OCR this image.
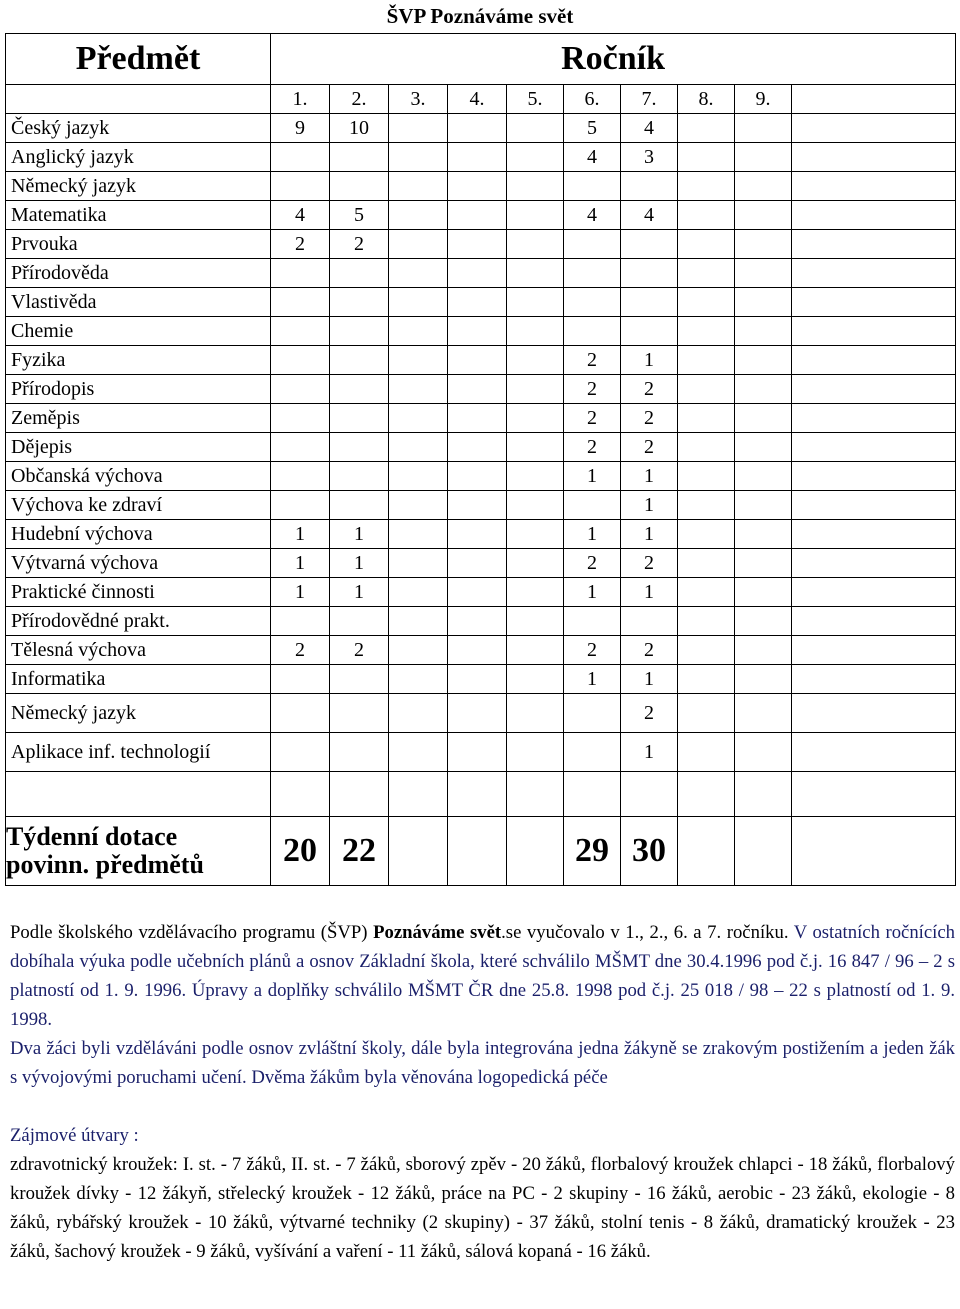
ŠVP Poznáváme svět
Předmět	Ročník									
	1.	2.	3.	4.	5.	6.	7.	8.	9.	
Český jazyk	9	10				5	4			
Anglický jazyk						4	3			
Německý jazyk										
Matematika	4	5				4	4			
Prvouka	2	2								
Přírodověda										
Vlastivěda										
Chemie										
Fyzika						2	1			
Přírodopis						2	2			
Zeměpis						2	2			
Dějepis						2	2			
Občanská výchova						1	1			
Výchova ke zdraví							1			
Hudební výchova	1	1				1	1			
Výtvarná výchova	1	1				2	2			
Praktické činnosti	1	1				1	1			
Přírodovědné prakt.										
Tělesná výchova	2	2				2	2			
Informatika						1	1			
Německý jazyk							2			
Aplikace inf. technologií							1			

Týdenní dotace
povinn. předmětů	20	22				29	30			

Podle školského vzdělávacího programu (ŠVP) Poznáváme svět.se vyučovalo v 1., 2., 6. a 7. ročníku. V ostatních ročnících dobíhala výuka podle učebních plánů a osnov Základní škola, které schválilo MŠMT dne 30.4.1996 pod č.j. 16 847 / 96 – 2 s platností od 1. 9. 1996. Úpravy a doplňky schválilo MŠMT ČR dne 25.8. 1998 pod č.j. 25 018 / 98 – 22 s platností od 1. 9. 1998.

Dva žáci byli vzděláváni podle osnov zvláštní školy, dále byla integrována jedna žákyně se zrakovým postižením a jeden žák s vývojovými poruchami učení. Dvěma žákům byla věnována logopedická péče

Zájmové útvary :

zdravotnický kroužek: I. st. - 7 žáků, II. st. - 7 žáků, sborový zpěv - 20 žáků, florbalový kroužek chlapci - 18 žáků, florbalový kroužek dívky - 12 žákyň, střelecký kroužek - 12 žáků, práce na PC - 2 skupiny - 16 žáků, aerobic - 23 žáků, ekologie - 8 žáků, rybářský kroužek - 10 žáků, výtvarné techniky (2 skupiny) - 37 žáků, stolní tenis - 8 žáků, dramatický kroužek - 23 žáků, šachový kroužek - 9 žáků, vyšívání a vaření - 11 žáků, sálová kopaná - 16 žáků.
